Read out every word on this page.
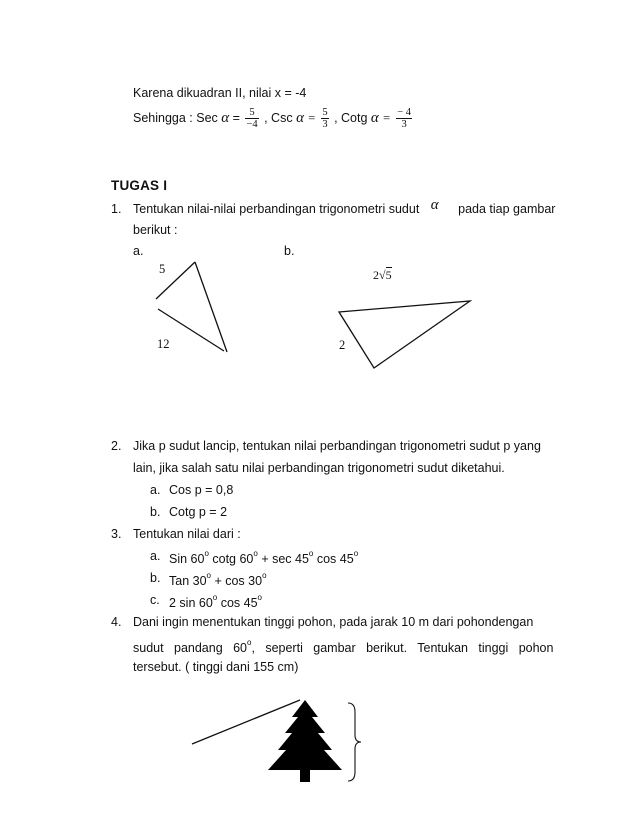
Karena dikuadran II, nilai x = -4
Sehingga : Sec $\alpha = \frac{5}{-4}$ , Csc $\alpha = \frac{5}{3}$ , Cotg $\alpha = \frac{- 4}{3}$
TUGAS I
1. Tentukan nilai-nilai perbandingan trigonometri sudut α pada tiap gambar
berikut :
a.	b.
5
12	2
2√5
2. Jika p sudut lancip, tentukan nilai perbandingan trigonometri sudut p yang
lain, jika salah satu nilai perbandingan trigonometri sudut diketahui.
a. Cos p = 0,8
b. Cotg p = 2
3. Tentukan nilai dari :
a. Sin 60$^o$ cotg $60^o + \sec 45^o$ cos 45$^o$
b. Tan $30^o + \cos 30^o$
c. 2 sin 60$^o$ cos 45$^o$
4. Dani ingin menentukan tinggi pohon, pada jarak 10 m dari pohondengan
sudut   pandang   60$^o$,   seperti   gambar   berikut.   Tentukan   tinggi   pohon
tersebut. ( tinggi dani 155 cm)
